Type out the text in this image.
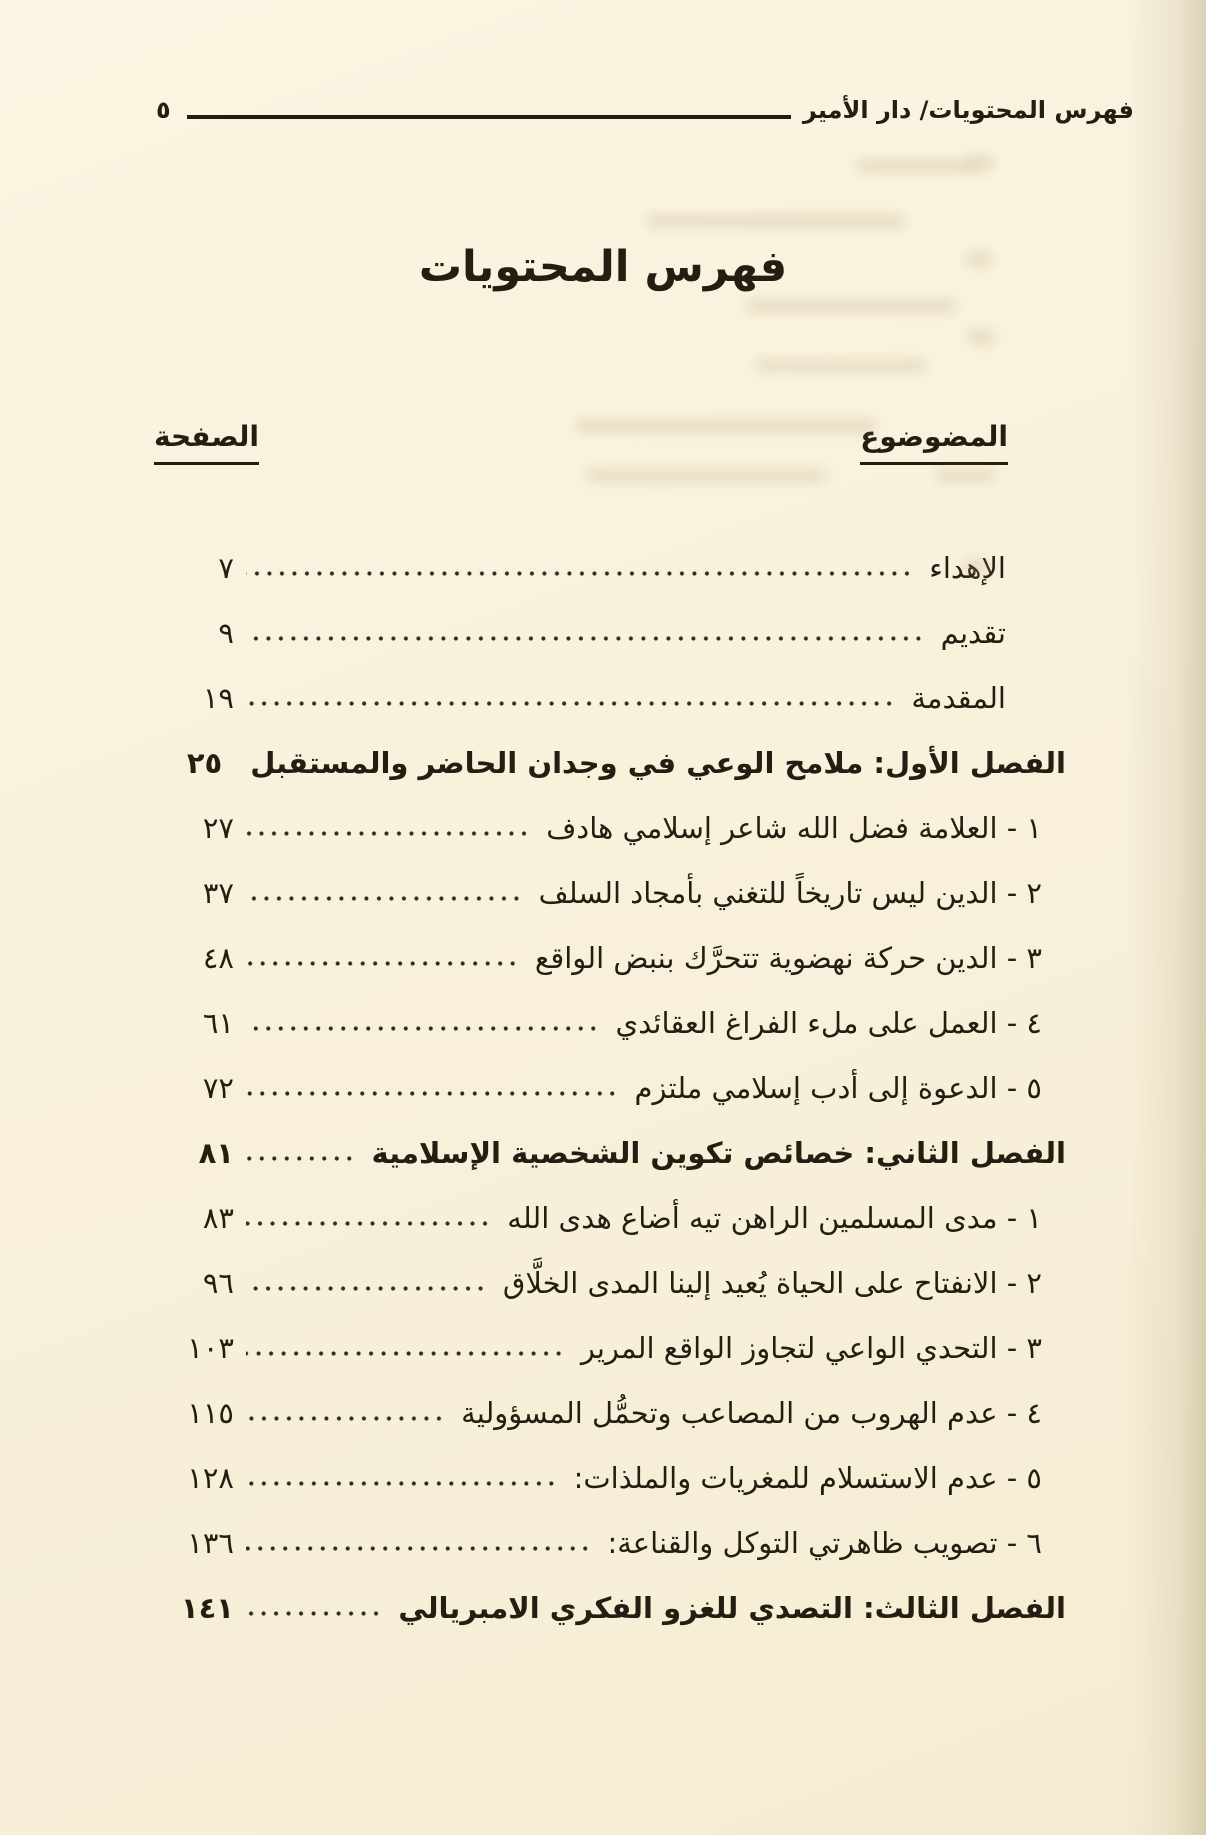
فهرس المحتويات/ دار الأمير
٥
فهرس المحتويات
المضوضوع
الصفحة
الإهداء
٧
تقديم
٩
المقدمة
١٩
الفصل الأول: ملامح الوعي في وجدان الحاضر والمستقبل
٢٥
١ - العلامة فضل الله شاعر إسلامي هادف
٢٧
٢ - الدين ليس تاريخاً للتغني بأمجاد السلف
٣٧
٣ - الدين حركة نهضوية تتحرَّك بنبض الواقع
٤٨
٤ - العمل على ملء الفراغ العقائدي
٦١
٥ - الدعوة إلى أدب إسلامي ملتزم
٧٢
الفصل الثاني: خصائص تكوين الشخصية الإسلامية
٨١
١ - مدى المسلمين الراهن تيه أضاع هدى الله
٨٣
٢ - الانفتاح على الحياة يُعيد إلينا المدى الخلَّاق
٩٦
٣ - التحدي الواعي لتجاوز الواقع المرير
١٠٣
٤ - عدم الهروب من المصاعب وتحمُّل المسؤولية
١١٥
٥ - عدم الاستسلام للمغريات والملذات:
١٢٨
٦ - تصويب ظاهرتي التوكل والقناعة:
١٣٦
الفصل الثالث: التصدي للغزو الفكري الامبريالي
١٤١
